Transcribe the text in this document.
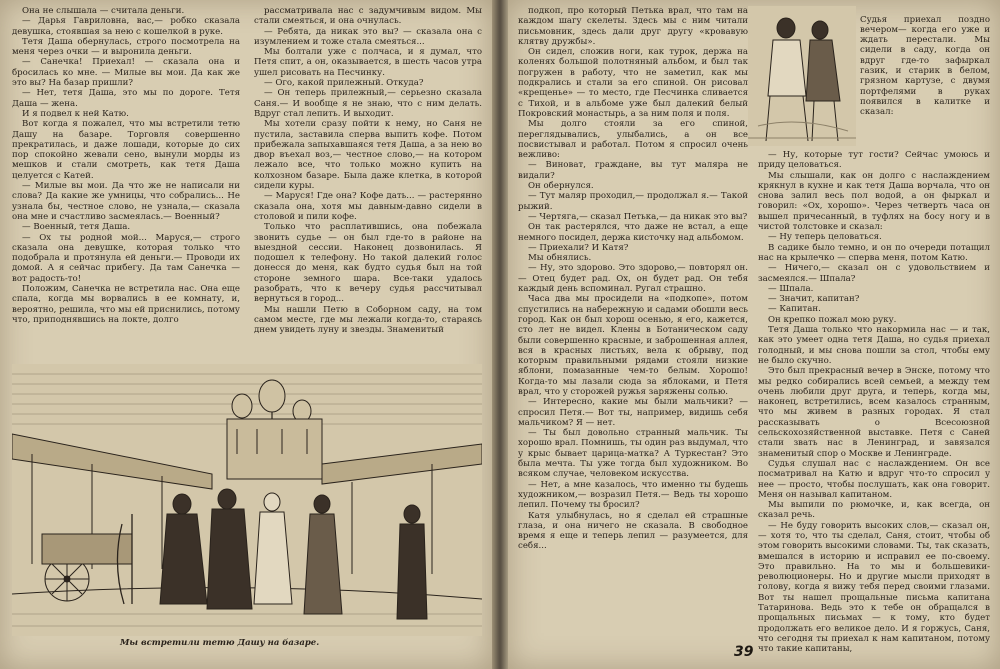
Она не слышала — считала деньги.

— Дарья Гавриловна, вас,— робко сказала девушка, стоявшая за нею с кошелкой в руке.

Тетя Даша обернулась, строго посмотрела на меня через очки — и выронила деньги.

— Санечка! Приехал! — сказала она и бросилась ко мне. — Милые вы мои. Да как же это вы? На базар пришли?

— Нет, тетя Даша, это мы по дороге. Тетя Даша — жена.

И я подвел к ней Катю.

Вот когда я пожалел, что мы встретили тетю Дашу на базаре. Торговля совершенно прекратилась, и даже лошади, которые до сих пор спокойно жевали сено, вынули морды из мешков и стали смотреть, как тетя Даша целуется с Катей.

— Милые вы мои. Да что же не написали ни слова? Да какие же умницы, что собрались... Не узнала бы, честное слово, не узнала,— сказала она мне и счастливо засмеялась.— Военный?

— Военный, тетя Даша.

— Ох ты родной мой... Маруся,— строго сказала она девушке, которая только что подобрала и протянула ей деньги.— Проводи их домой. А я сейчас прибегу. Да там Санечка — вот радость-то!

Положим, Санечка не встретила нас. Она еще спала, когда мы ворвались в ее комнату, и, вероятно, решила, что мы ей приснились, потому что, приподнявшись на локте, долго

рассматривала нас с задумчивым видом. Мы стали смеяться, и она очнулась.

— Ребята, да никак это вы? — сказала она с изумлением и тоже стала смеяться...

Мы болтали уже с полчаса, и я думал, что Петя спит, а он, оказывается, в шесть часов утра ушел рисовать на Песчинку.

— Ого, какой прилежный. Откуда?

— Он теперь прилежный,— серьезно сказала Саня.— И вообще я не знаю, что с ним делать. Вдруг стал лепить. И выходит.

Мы хотели сразу пойти к нему, но Саня не пустила, заставила сперва выпить кофе. Потом прибежала запыхавшаяся тетя Даша, а за нею во двор въехал воз,— честное слово,— на котором лежало все, что только можно купить на колхозном базаре. Была даже клетка, в которой сидели куры.

— Маруся! Где она? Кофе дать... — растерянно сказала она, хотя мы давным-давно сидели в столовой и пили кофе.

Только что расплатившись, она побежала звонить судье — он был где-то в районе на выездной сессии. Наконец дозвонилась. Я подошел к телефону. Но такой далекий голос донесся до меня, как будто судья был на той стороне земного шара. Все-таки удалось разобрать, что к вечеру судья рассчитывал вернуться в город...

Мы нашли Петю в Соборном саду, на том самом месте, где мы лежали когда-то, стараясь днем увидеть луну и звезды. Знаменитый

Мы встретили тетю Дашу на базаре.

подкоп, про который Петька врал, что там на каждом шагу скелеты. Здесь мы с ним читали письмовник, здесь дали друг другу «кровавую клятву дружбы».

Он сидел, сложив ноги, как турок, держа на коленях большой полотняный альбом, и был так погружен в работу, что не заметил, как мы подкрались и стали за его спиной. Он рисовал «крещенье» — то место, где Песчинка сливается с Тихой, и в альбоме уже был далекий белый Покровский монастырь, а за ним поля и поля.

Мы долго стояли за его спиной, переглядывались, улыбались, а он все посвистывал и работал. Потом я спросил очень вежливо:

— Виноват, граждане, вы тут маляра не видали?

Он обернулся.

— Тут маляр проходил,— продолжал я.— Такой рыжий.

— Чертяга,— сказал Петька,— да никак это вы?

Он так растерялся, что даже не встал, а еще немного посидел, держа кисточку над альбомом.

— Приехали? И Катя?

Мы обнялись.

— Ну, это здорово. Это здорово,— повторял он.— Отец будет рад. Ох, он будет рад. Он тебя каждый день вспоминал. Ругал страшно.

Часа два мы просидели на «подкопе», потом спустились на набережную и садами обошли весь город. Как он был хорош осенью, я его, кажется, сто лет не видел. Клены в Ботаническом саду были совершенно красные, и заброшенная аллея, вся в красных листьях, вела к обрыву, под которым правильными рядами стояли низкие яблони, помазанные чем-то белым. Хорошо! Когда-то мы лазали сюда за яблоками, и Петя врал, что у сторожей ружья заряжены солью.

— Интересно, какие мы были мальчики? — спросил Петя.— Вот ты, например, видишь себя мальчиком? Я — нет.

— Ты был довольно странный мальчик. Ты хорошо врал. Помнишь, ты один раз выдумал, что у крыс бывает царица-матка? А Туркестан? Это была мечта. Ты уже тогда был художником. Во всяком случае, человеком искусства.

— Нет, а мне казалось, что именно ты будешь художником,— возразил Петя.— Ведь ты хорошо лепил. Почему ты бросил?

Катя улыбнулась, но я сделал ей страшные глаза, и она ничего не сказала. В свободное время я еще и теперь лепил — разумеется, для себя...

Судья приехал поздно вечером— когда его уже и ждать перестали. Мы сидели в саду, когда он вдруг где-то зафыркал газик, и старик в белом, грязном картузе, с двумя портфелями в руках появился в калитке и сказал:

— Ну, которые тут гости? Сейчас умоюсь и приду целоваться.

Мы слышали, как он долго с наслаждением крякнул в кухне и как тетя Даша ворчала, что он снова залил весь пол водой, а он фыркал и говорил: «Ох, хорошо». Через четверть часа он вышел причесанный, в туфлях на босу ногу и в чистой толстовке и сказал:

— Ну теперь целоваться.

В садике было темно, и он по очереди потащил нас на крылечко — сперва меня, потом Катю.

— Ничего,— сказал он с удовольствием и засмеялся.— Шпала?

— Шпала.

— Значит, капитан?

— Капитан.

Он крепко пожал мою руку.

Тетя Даша только что накормила нас — и так, как это умеет одна тетя Даша, но судья приехал голодный, и мы снова пошли за стол, чтобы ему не было скучно.

Это был прекрасный вечер в Энске, потому что мы редко собирались всей семьей, а между тем очень любили друг друга, и теперь, когда мы, наконец, встретились, всем казалось странным, что мы живем в разных городах. Я стал рассказывать о Всесоюзной сельскохозяйственной выставке. Петя с Саней стали звать нас в Ленинград, и завязался знаменитый спор о Москве и Ленинграде.

Судья слушал нас с наслаждением. Он все посматривал на Катю и вдруг что-то спросил у нее — просто, чтобы послушать, как она говорит. Меня он называл капитаном.

Мы выпили по рюмочке, и, как всегда, он сказал речь.

— Не буду говорить высоких слов,— сказал он,— хотя то, что ты сделал, Саня, стоит, чтобы об этом говорить высокими словами. Ты, так сказать, вмешался в историю и исправил ее по-своему. Это правильно. На то мы и большевики-революционеры. Но и другие мысли приходят в голову, когда я вижу тебя перед своими глазами. Вот ты нашел прощальные письма капитана Татаринова. Ведь это к тебе он обращался в прощальных письмах — к тому, кто будет продолжать его великое дело. И я горжусь, Саня, что сегодня ты приехал к нам капитаном, потому что такие капитаны,

39
